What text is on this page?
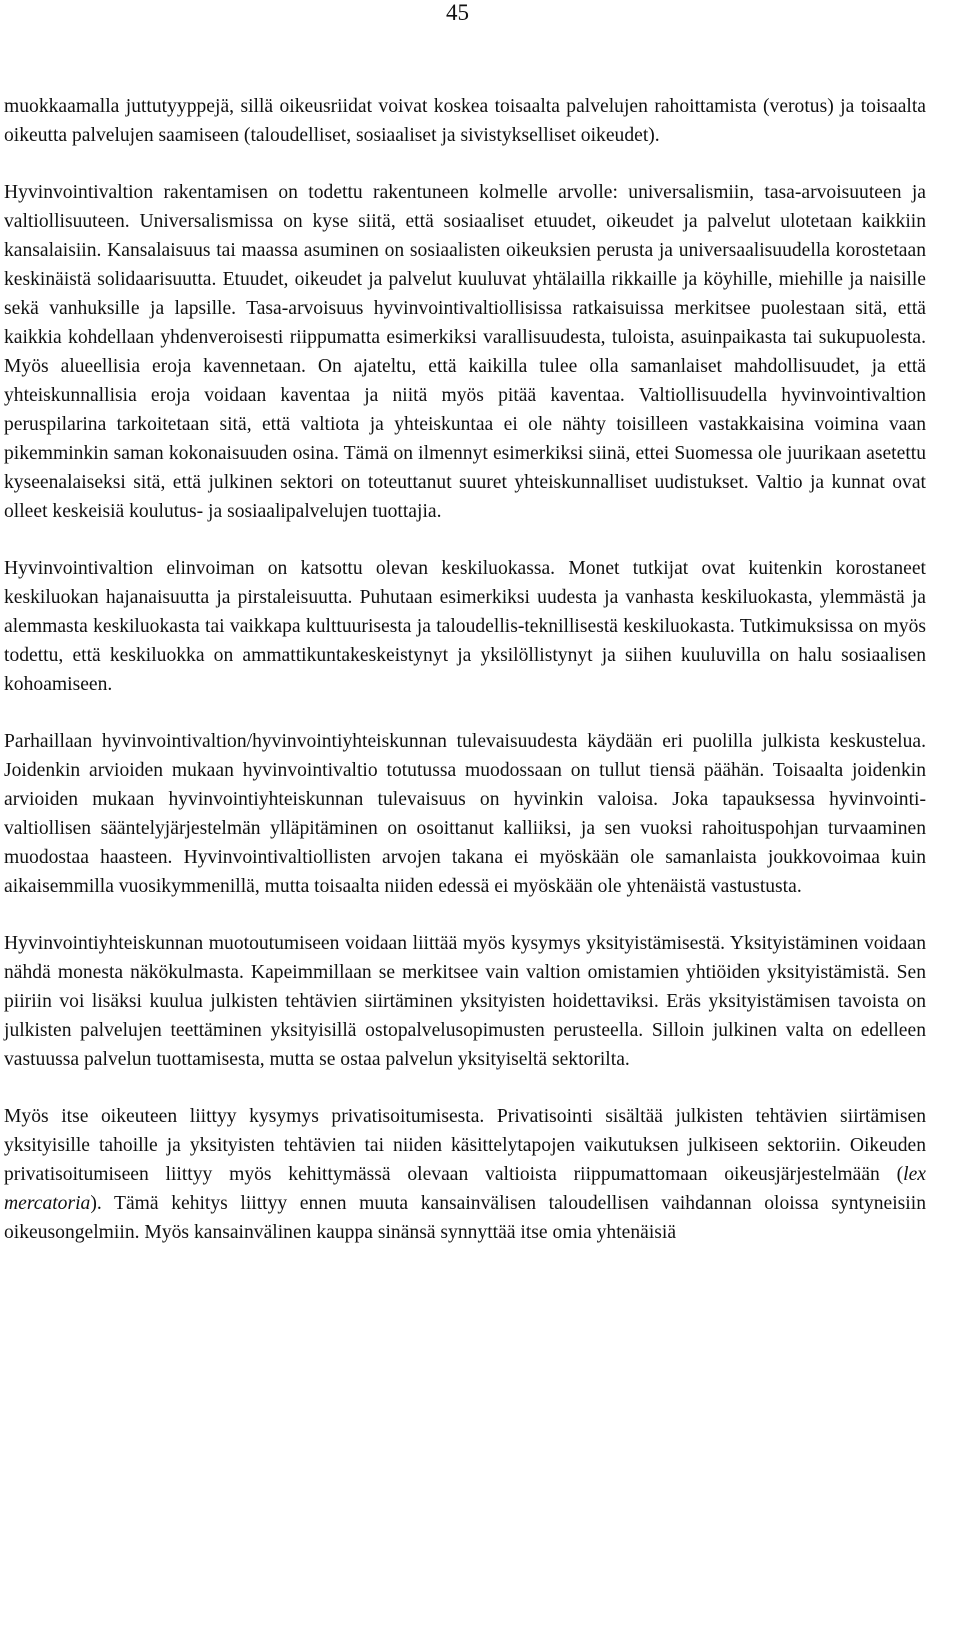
45

muokkaamalla juttutyyppejä, sillä oikeusriidat voivat koskea toisaalta palvelujen rahoittamista (verotus) ja toisaalta oikeutta palvelujen saamiseen (taloudelliset, sosiaaliset ja sivistykselliset oikeudet).

Hyvinvointivaltion rakentamisen on todettu rakentuneen kolmelle arvolle: universalismiin, tasa-arvoisuuteen ja valtiollisuuteen. Universalismissa on kyse siitä, että sosiaaliset etuudet, oikeudet ja palvelut ulotetaan kaikkiin kansalaisiin. Kansalaisuus tai maassa asuminen on sosiaalisten oikeuksien perusta ja universaalisuudella korostetaan keskinäistä solidaarisuutta. Etuudet, oikeudet ja palvelut kuuluvat yhtälailla rikkaille ja köyhille, miehille ja naisille sekä vanhuksille ja lapsille. Tasa-arvoisuus hyvinvointivaltiollisissa ratkaisuissa merkitsee puolestaan sitä, että kaikkia kohdellaan yhdenveroisesti riippumatta esimerkiksi varallisuudesta, tuloista, asuinpaikasta tai sukupuolesta. Myös alueellisia eroja kavennetaan. On ajateltu, että kaikilla tulee olla samanlaiset mahdollisuudet, ja että yhteiskunnallisia eroja voidaan kaventaa ja niitä myös pitää kaventaa. Valtiollisuudella hyvinvointivaltion peruspilarina tarkoitetaan sitä, että valtiota ja yhteiskuntaa ei ole nähty toisilleen vastakkaisina voimina vaan pikemminkin saman kokonaisuuden osina. Tämä on ilmennyt esimerkiksi siinä, ettei Suomessa ole juurikaan asetettu kyseenalaiseksi sitä, että julkinen sektori on toteuttanut suuret yhteiskunnalliset uudistukset. Valtio ja kunnat ovat olleet keskeisiä koulutus- ja sosiaalipalvelujen tuottajia.

Hyvinvointivaltion elinvoiman on katsottu olevan keskiluokassa. Monet tutkijat ovat kuitenkin korostaneet keskiluokan hajanaisuutta ja pirstaleisuutta. Puhutaan esimerkiksi uudesta ja vanhasta keskiluokasta, ylemmästä ja alemmasta keskiluokasta tai vaikkapa kulttuurisesta ja taloudellis-teknillisestä keskiluokasta. Tutkimuksissa on myös todettu, että keskiluokka on ammattikuntakeskeistynyt ja yksilöllistynyt ja siihen kuuluvilla on halu sosiaalisen kohoamiseen.

Parhaillaan hyvinvointivaltion/hyvinvointiyhteiskunnan tulevaisuudesta käydään eri puolilla julkista keskustelua. Joidenkin arvioiden mukaan hyvinvointivaltio totutussa muodossaan on tullut tiensä päähän. Toisaalta joidenkin arvioiden mukaan hyvinvointiyhteiskunnan tulevaisuus on hyvinkin valoisa. Joka tapauksessa hyvinvointi-valtiollisen sääntelyjärjestelmän ylläpitäminen on osoittanut kalliiksi, ja sen vuoksi rahoituspohjan turvaaminen muodostaa haasteen. Hyvinvointivaltiollisten arvojen takana ei myöskään ole samanlaista joukkovoimaa kuin aikaisemmilla vuosikymmenillä, mutta toisaalta niiden edessä ei myöskään ole yhtenäistä vastustusta.

Hyvinvointiyhteiskunnan muotoutumiseen voidaan liittää myös kysymys yksityistämisestä. Yksityistäminen voidaan nähdä monesta näkökulmasta. Kapeimmillaan se merkitsee vain valtion omistamien yhtiöiden yksityistämistä. Sen piiriin voi lisäksi kuulua julkisten tehtävien siirtäminen yksityisten hoidettaviksi. Eräs yksityistämisen tavoista on julkisten palvelujen teettäminen yksityisillä ostopalvelusopimusten perusteella. Silloin julkinen valta on edelleen vastuussa palvelun tuottamisesta, mutta se ostaa palvelun yksityiseltä sektorilta.

Myös itse oikeuteen liittyy kysymys privatisoitumisesta. Privatisointi sisältää julkisten tehtävien siirtämisen yksityisille tahoille ja yksityisten tehtävien tai niiden käsittelytapojen vaikutuksen julkiseen sektoriin. Oikeuden privatisoitumiseen liittyy myös kehittymässä olevaan valtioista riippumattomaan oikeusjärjestelmään (lex mercatoria). Tämä kehitys liittyy ennen muuta kansainvälisen taloudellisen vaihdannan oloissa syntyneisiin oikeusongelmiin. Myös kansainvälinen kauppa sinänsä synnyttää itse omia yhtenäisiä
